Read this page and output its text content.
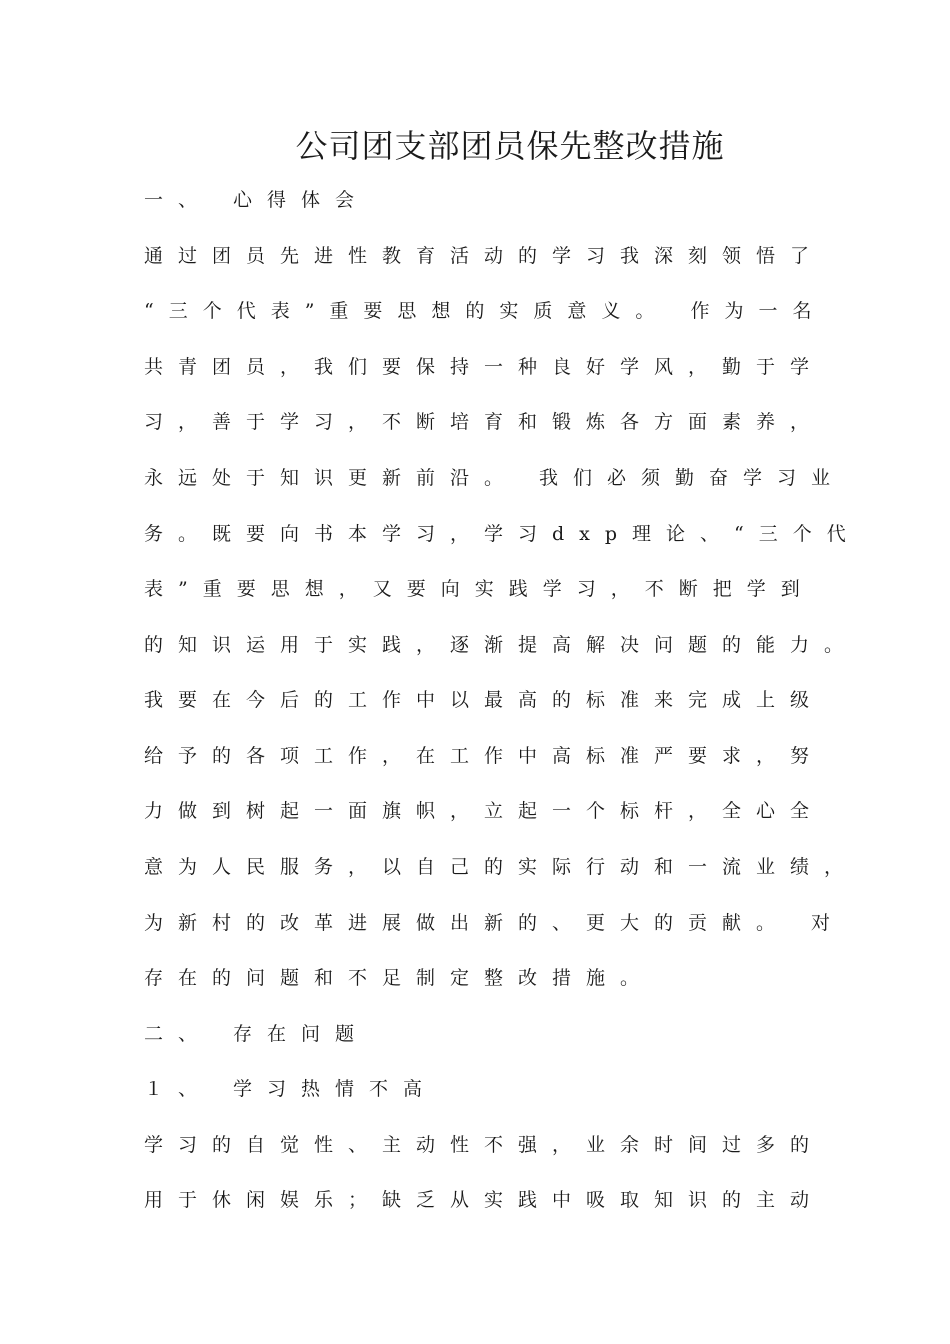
公司团支部团员保先整改措施

一、 心得体会

通过团员先进性教育活动的学习我深刻领悟了

“三个代表”重要思想的实质意义。 作为一名

共青团员，我们要保持一种良好学风，勤于学

习，善于学习，不断培育和锻炼各方面素养，

永远处于知识更新前沿。 我们必须勤奋学习业

务。既要向书本学习，学习dxp理论、“三个代

表”重要思想，又要向实践学习，不断把学到

的知识运用于实践，逐渐提高解决问题的能力。

我要在今后的工作中以最高的标准来完成上级

给予的各项工作，在工作中高标准严要求，努

力做到树起一面旗帜，立起一个标杆，全心全

意为人民服务，以自己的实际行动和一流业绩，

为新村的改革进展做出新的、更大的贡献。 对

存在的问题和不足制定整改措施。

二、 存在问题

１、 学习热情不高

学习的自觉性、主动性不强，业余时间过多的

用于休闲娱乐；缺乏从实践中吸取知识的主动
